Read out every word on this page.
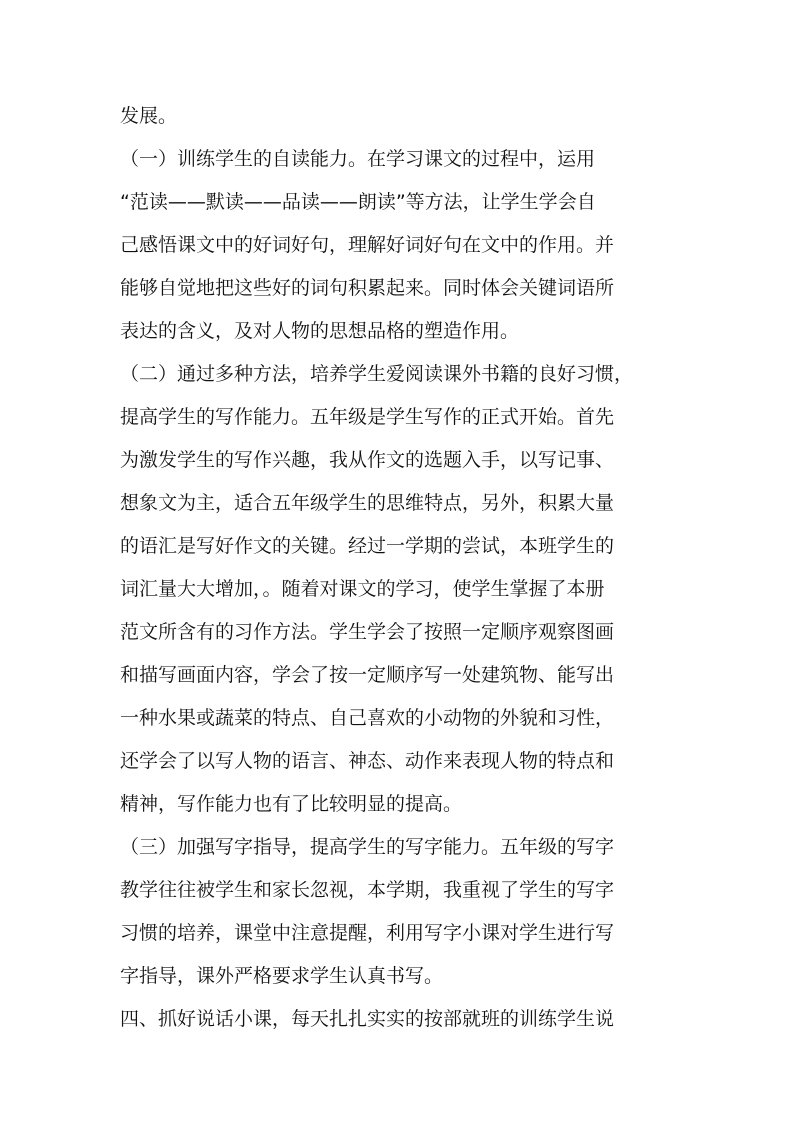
发展。
（一）训练学生的自读能力。在学习课文的过程中，运用
“范读——默读——品读——朗读”等方法，让学生学会自
己感悟课文中的好词好句，理解好词好句在文中的作用。并
能够自觉地把这些好的词句积累起来。同时体会关键词语所
表达的含义，及对人物的思想品格的塑造作用。
（二）通过多种方法，培养学生爱阅读课外书籍的良好习惯，
提高学生的写作能力。五年级是学生写作的正式开始。首先
为激发学生的写作兴趣，我从作文的选题入手，以写记事、
想象文为主，适合五年级学生的思维特点，另外，积累大量
的语汇是写好作文的关键。经过一学期的尝试，本班学生的
词汇量大大增加，。随着对课文的学习，使学生掌握了本册
范文所含有的习作方法。学生学会了按照一定顺序观察图画
和描写画面内容，学会了按一定顺序写一处建筑物、能写出
一种水果或蔬菜的特点、自己喜欢的小动物的外貌和习性，
还学会了以写人物的语言、神态、动作来表现人物的特点和
精神，写作能力也有了比较明显的提高。
（三）加强写字指导，提高学生的写字能力。五年级的写字
教学往往被学生和家长忽视，本学期，我重视了学生的写字
习惯的培养，课堂中注意提醒，利用写字小课对学生进行写
字指导，课外严格要求学生认真书写。
四、抓好说话小课，每天扎扎实实的按部就班的训练学生说
